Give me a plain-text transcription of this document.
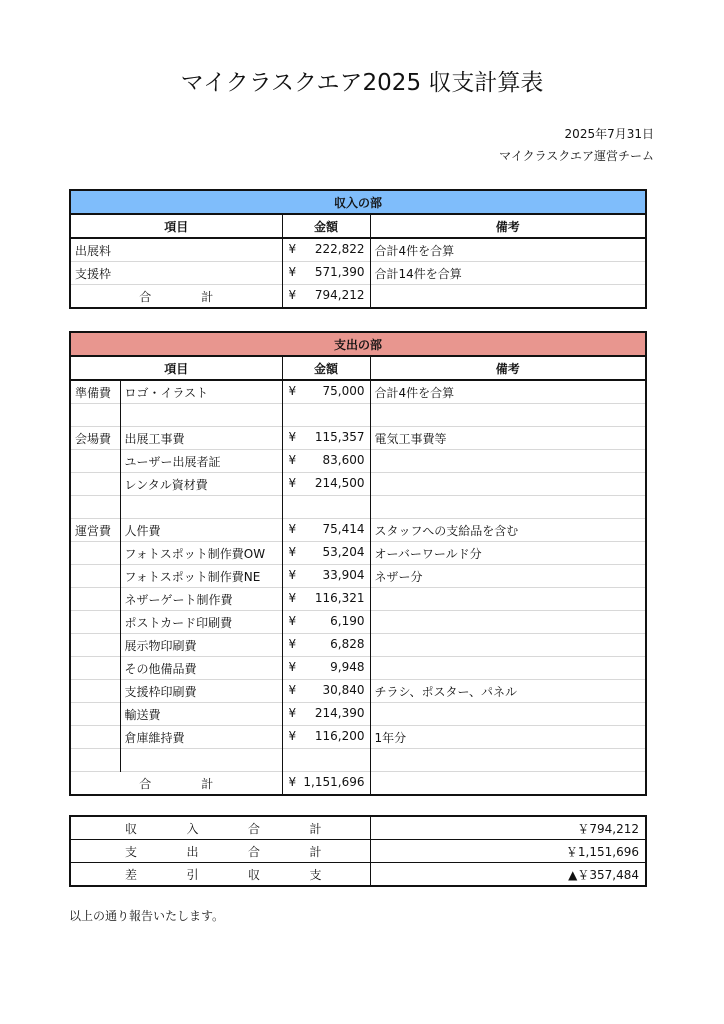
マイクラスクエア2025 収支計算表
2025年7月31日
マイクラスクエア運営チーム
収入の部		
項目	金額	備考
出展料	¥ 222,822	合計4件を合算
支援枠	¥ 571,390	合計14件を合算
合 計	¥ 794,212	

支出の部			
項目		金額	備考
準備費	ロゴ・イラスト	¥ 75,000	合計4件を合算

会場費	出展工事費	¥ 115,357	電気工事費等
	ユーザー出展者証	¥ 83,600	

	レンタル資材費	¥ 214,500	

運営費	人件費	¥ 75,414	スタッフへの支給品を含む
	フォトスポット制作費OW	¥ 53,204	オーバーワールド分
	フォトスポット制作費NE	¥ 33,904	ネザー分
	ネザーゲート制作費	¥ 116,321	

	ポストカード印刷費	¥ 6,190	

	展示物印刷費	¥ 6,828	

	その他備品費	¥ 9,948	

	支援枠印刷費	¥ 30,840	チラシ、ポスター、パネル
	輸送費	¥ 214,390	

	倉庫維持費	¥ 116,200	1年分

合 計		¥ 1,151,696	

収 入 合 計	￥794,212

支 出 合 計	￥1,151,696

差 引 収 支	▲￥357,484
以上の通り報告いたします。
